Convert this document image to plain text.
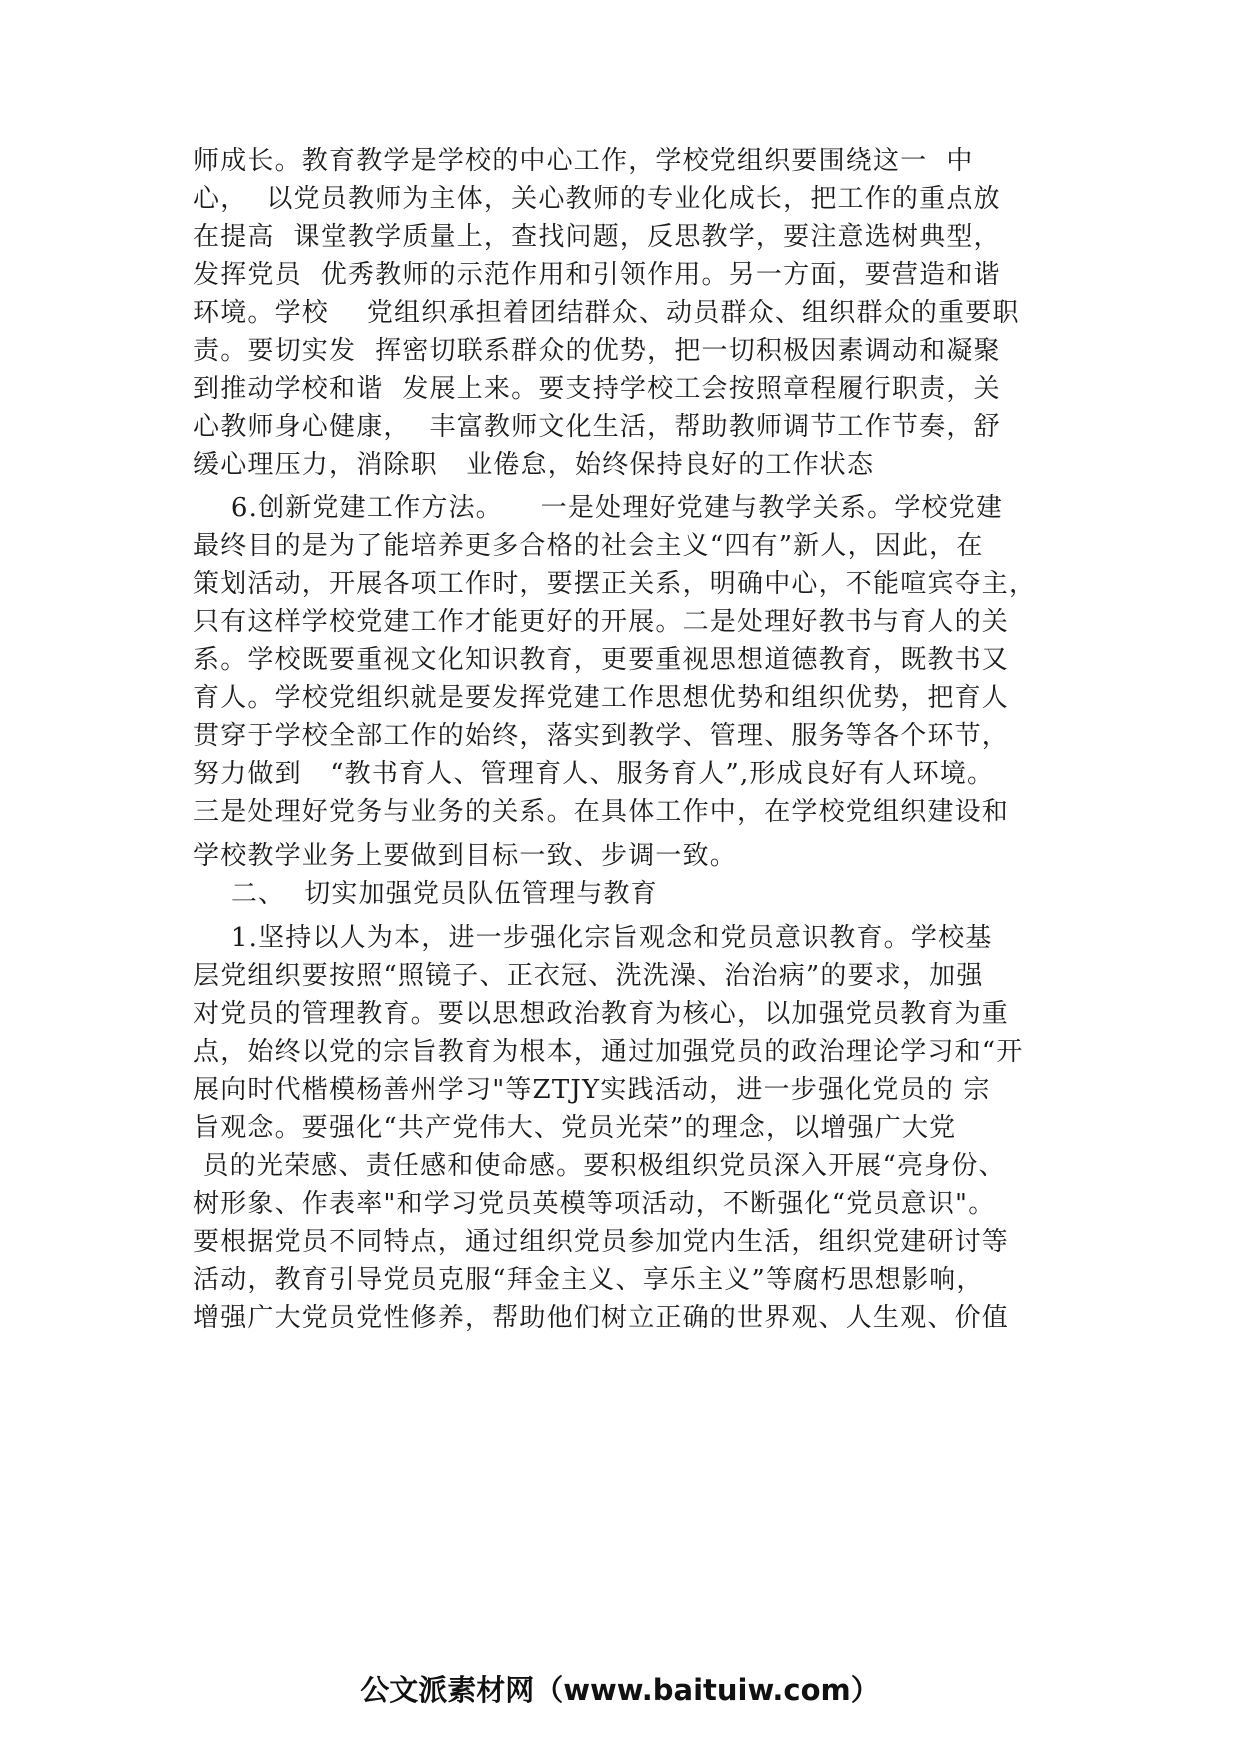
师成长。教育教学是学校的中心工作，学校党组织要围绕这一  中
心，  以党员教师为主体，关心教师的专业化成长，把工作的重点放
在提高  课堂教学质量上，查找问题，反思教学，要注意选树典型，
发挥党员  优秀教师的示范作用和引领作用。另一方面，要营造和谐
环境。学校    党组织承担着团结群众、动员群众、组织群众的重要职
责。要切实发  挥密切联系群众的优势，把一切积极因素调动和凝聚
到推动学校和谐  发展上来。要支持学校工会按照章程履行职责，关
心教师身心健康，  丰富教师文化生活，帮助教师调节工作节奏，舒
缓心理压力，消除职   业倦怠，始终保持良好的工作状态
6.创新党建工作方法。    一是处理好党建与教学关系。学校党建
最终目的是为了能培养更多合格的社会主义“四有”新人，因此，在
策划活动，开展各项工作时，要摆正关系，明确中心，不能喧宾夺主，
只有这样学校党建工作才能更好的开展。二是处理好教书与育人的关
系。学校既要重视文化知识教育，更要重视思想道德教育，既教书又
育人。学校党组织就是要发挥党建工作思想优势和组织优势，把育人
贯穿于学校全部工作的始终，落实到教学、管理、服务等各个环节，
努力做到   “教书育人、管理育人、服务育人”,形成良好有人环境。
三是处理好党务与业务的关系。在具体工作中，在学校党组织建设和
学校教学业务上要做到目标一致、步调一致。
二、  切实加强党员队伍管理与教育
1.坚持以人为本，进一步强化宗旨观念和党员意识教育。学校基
层党组织要按照“照镜子、正衣冠、洗洗澡、治治病”的要求，加强
对党员的管理教育。要以思想政治教育为核心，以加强党员教育为重
点，始终以党的宗旨教育为根本，通过加强党员的政治理论学习和“开
展向时代楷模杨善州学习"等ZTJY实践活动，进一步强化党员的 宗
旨观念。要强化“共产党伟大、党员光荣”的理念，以增强广大党
员的光荣感、责任感和使命感。要积极组织党员深入开展“亮身份、
树形象、作表率"和学习党员英模等项活动，不断强化“党员意识"。
要根据党员不同特点，通过组织党员参加党内生活，组织党建研讨等
活动，教育引导党员克服“拜金主义、享乐主义”等腐朽思想影响，
增强广大党员党性修养，帮助他们树立正确的世界观、人生观、价值
公文派素材网（www.baituiw.com）
